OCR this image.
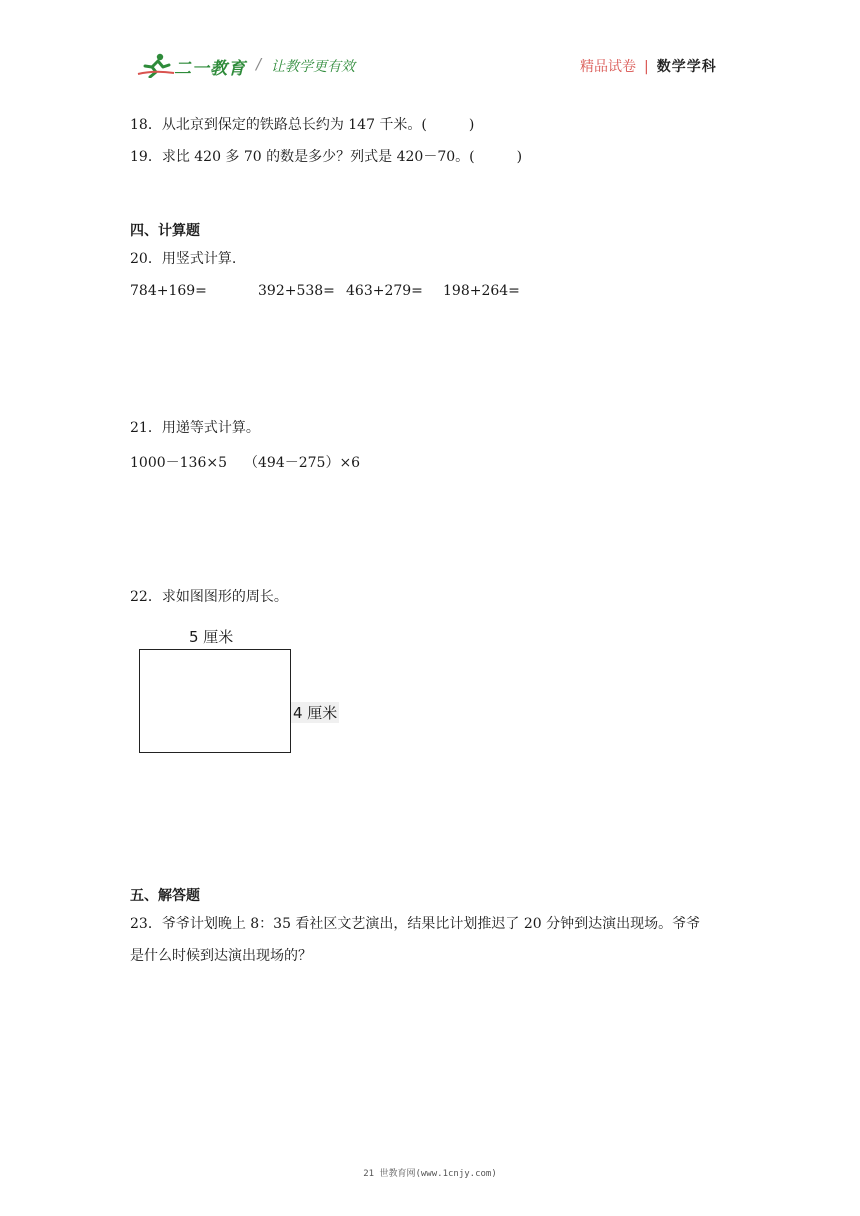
二一教育 / 让教学更有效	精品试卷 | 数学学科
18．从北京到保定的铁路总长约为 147 千米。(　　　)
19．求比 420 多 70 的数是多少？列式是 420－70。(　　　)
四、计算题
20．用竖式计算.
784+169=	392+538= 463+279= 198+264=
21．用递等式计算。
1000－136×5 （494－275）×6
22．求如图图形的周长。
5 厘米
4 厘米
五、解答题
23．爷爷计划晚上 8：35 看社区文艺演出，结果比计划推迟了 20 分钟到达演出现场。爷爷
是什么时候到达演出现场的？
21 世教育网(www.1cnjy.com)
